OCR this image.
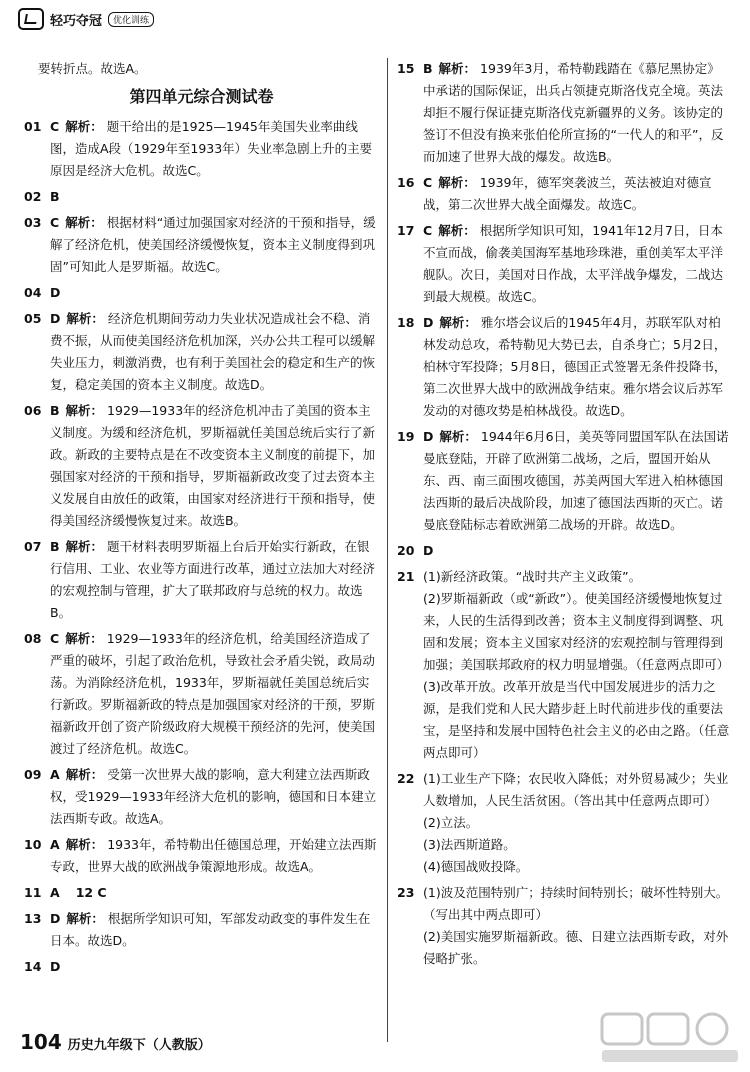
轻巧夺冠	优化训练
要转折点。故选A。
第四单元综合测试卷
01 C 解析： 题干给出的是1925—1945年美国失业率曲线图，造成A段（1929年至1933年）失业率急剧上升的主要原因是经济大危机。故选C。
02 B
03 C 解析： 根据材料“通过加强国家对经济的干预和指导，缓解了经济危机，使美国经济缓慢恢复，资本主义制度得到巩固”可知此人是罗斯福。故选C。
04 D
05 D 解析： 经济危机期间劳动力失业状况造成社会不稳、消费不振，从而使美国经济危机加深，兴办公共工程可以缓解失业压力，刺激消费，也有利于美国社会的稳定和生产的恢复，稳定美国的资本主义制度。故选D。
06 B 解析： 1929—1933年的经济危机冲击了美国的资本主义制度。为缓和经济危机，罗斯福就任美国总统后实行了新政。新政的主要特点是在不改变资本主义制度的前提下，加强国家对经济的干预和指导，罗斯福新政改变了过去资本主义发展自由放任的政策，由国家对经济进行干预和指导，使得美国经济缓慢恢复过来。故选B。
07 B 解析： 题干材料表明罗斯福上台后开始实行新政，在银行信用、工业、农业等方面进行改革，通过立法加大对经济的宏观控制与管理，扩大了联邦政府与总统的权力。故选B。
08 C 解析： 1929—1933年的经济危机，给美国经济造成了严重的破坏，引起了政治危机，导致社会矛盾尖锐，政局动荡。为消除经济危机，1933年，罗斯福就任美国总统后实行新政。罗斯福新政的特点是加强国家对经济的干预，罗斯福新政开创了资产阶级政府大规模干预经济的先河，使美国渡过了经济危机。故选C。
09 A 解析： 受第一次世界大战的影响，意大利建立法西斯政权，受1929—1933年经济大危机的影响，德国和日本建立法西斯专政。故选A。
10 A 解析： 1933年，希特勒出任德国总理，开始建立法西斯专政，世界大战的欧洲战争策源地形成。故选A。
11 A 12 C
13 D 解析： 根据所学知识可知，军部发动政变的事件发生在日本。故选D。
14 D
15 B 解析： 1939年3月，希特勒践踏在《慕尼黑协定》中承诺的国际保证，出兵占领捷克斯洛伐克全境。英法却拒不履行保证捷克斯洛伐克新疆界的义务。该协定的签订不但没有换来张伯伦所宣扬的“一代人的和平”，反而加速了世界大战的爆发。故选B。
16 C 解析： 1939年，德军突袭波兰，英法被迫对德宣战，第二次世界大战全面爆发。故选C。
17 C 解析： 根据所学知识可知，1941年12月7日，日本不宣而战，偷袭美国海军基地珍珠港，重创美军太平洋舰队。次日，美国对日作战，太平洋战争爆发，二战达到最大规模。故选C。
18 D 解析： 雅尔塔会议后的1945年4月，苏联军队对柏林发动总攻，希特勒见大势已去，自杀身亡；5月2日，柏林守军投降；5月8日，德国正式签署无条件投降书，第二次世界大战中的欧洲战争结束。雅尔塔会议后苏军发动的对德攻势是柏林战役。故选D。
19 D 解析： 1944年6月6日，美英等同盟国军队在法国诺曼底登陆，开辟了欧洲第二战场，之后，盟国开始从东、西、南三面围攻德国，苏美两国大军进入柏林德国法西斯的最后决战阶段，加速了德国法西斯的灭亡。诺曼底登陆标志着欧洲第二战场的开辟。故选D。
20 D
21 (1)新经济政策。“战时共产主义政策”。
(2)罗斯福新政（或“新政”）。使美国经济缓慢地恢复过来，人民的生活得到改善；资本主义制度得到调整、巩固和发展；资本主义国家对经济的宏观控制与管理得到加强；美国联邦政府的权力明显增强。（任意两点即可）
(3)改革开放。改革开放是当代中国发展进步的活力之源，是我们党和人民大踏步赶上时代前进步伐的重要法宝，是坚持和发展中国特色社会主义的必由之路。（任意两点即可）
22 (1)工业生产下降；农民收入降低；对外贸易减少；失业人数增加，人民生活贫困。（答出其中任意两点即可）
(2)立法。
(3)法西斯道路。
(4)德国战败投降。
23 (1)波及范围特别广；持续时间特别长；破坏性特别大。（写出其中两点即可）
(2)美国实施罗斯福新政。德、日建立法西斯专政，对外侵略扩张。
104 历史九年级下（人教版）
